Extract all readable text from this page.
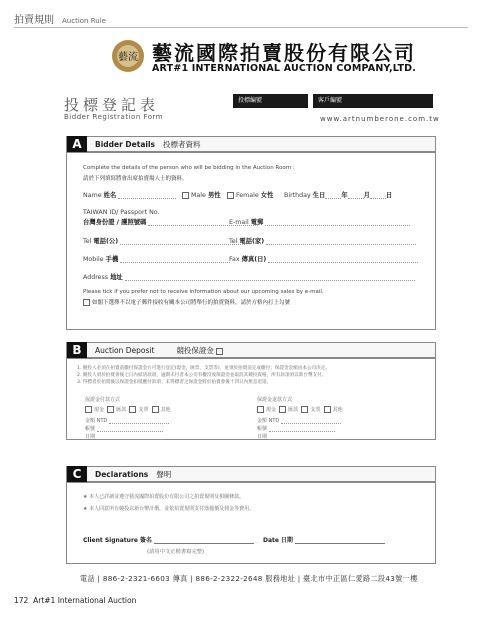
拍賣規則 Auction Rule
藝流 藝流國際拍賣股份有限公司
ART#1 INTERNATIONAL AUCTION COMPANY,LTD.
投標登記表
Bidder Registration Form
投標編號	客戶編號
www.artnumberone.com.tw
A	Bidder Details 投標者資料
Complete the details of the person who will be bidding in the Auction Room :
請於下列填寫將會出席拍賣場人士的資料。
Name 姓名	Male 男性	Female 女性 Birthday 生日	年	月	日
TAIWAN ID/ Passport No.
台灣身份證 / 護照號碼	E-mail 電郵
Tel 電話(公)	Tel 電話(家)
Mobile 手機	Fax 傳真(日)
Address 地址
Please tick if you prefer not to receive information about our upcoming sales by e-mail.
如閣下選擇不以電子郵件接收有關本公司將舉行的拍賣資料，請於方格內打上勾號
B	Auction Deposit	競投保證金
1. 競投人必須在拍賣前繳付保證金方可進行登記(現金、匯票、支票等)，並須於拍賣前完成繳付；保證金金額由本公司決定。
2. 競投人須於拍賣會後七日內結清款項，逾期未付者本公司有權沒收保證金並取消其競投資格，所有款項須以新台幣支付。
3. 得標者於拍賣後以保證金扣抵應付款項；未得標者之保證金將於拍賣會後十四日內無息退還。
保證金付款方式
現金 匯款 支票 其他
金額 NTD
帳號
日期
保證金退款方式
現金 匯款 支票 其他
金額 NTD
帳號
日期
C	Declarations 聲明
★ 本人已詳讀並遵守藝流國際拍賣股份有限公司之拍賣規則及相關條款。
★ 本人同意所有競投以新台幣計價，並依拍賣規則支付落槌價及佣金等費用。
Client Signature 簽名	Date 日期
(請用中文正楷書寫完整)
電話 | 886-2-2321-6603 傳真 | 886-2-2322-2648 服務地址 | 臺北市中正區仁愛路二段43號一樓
172 Art#1 International Auction
